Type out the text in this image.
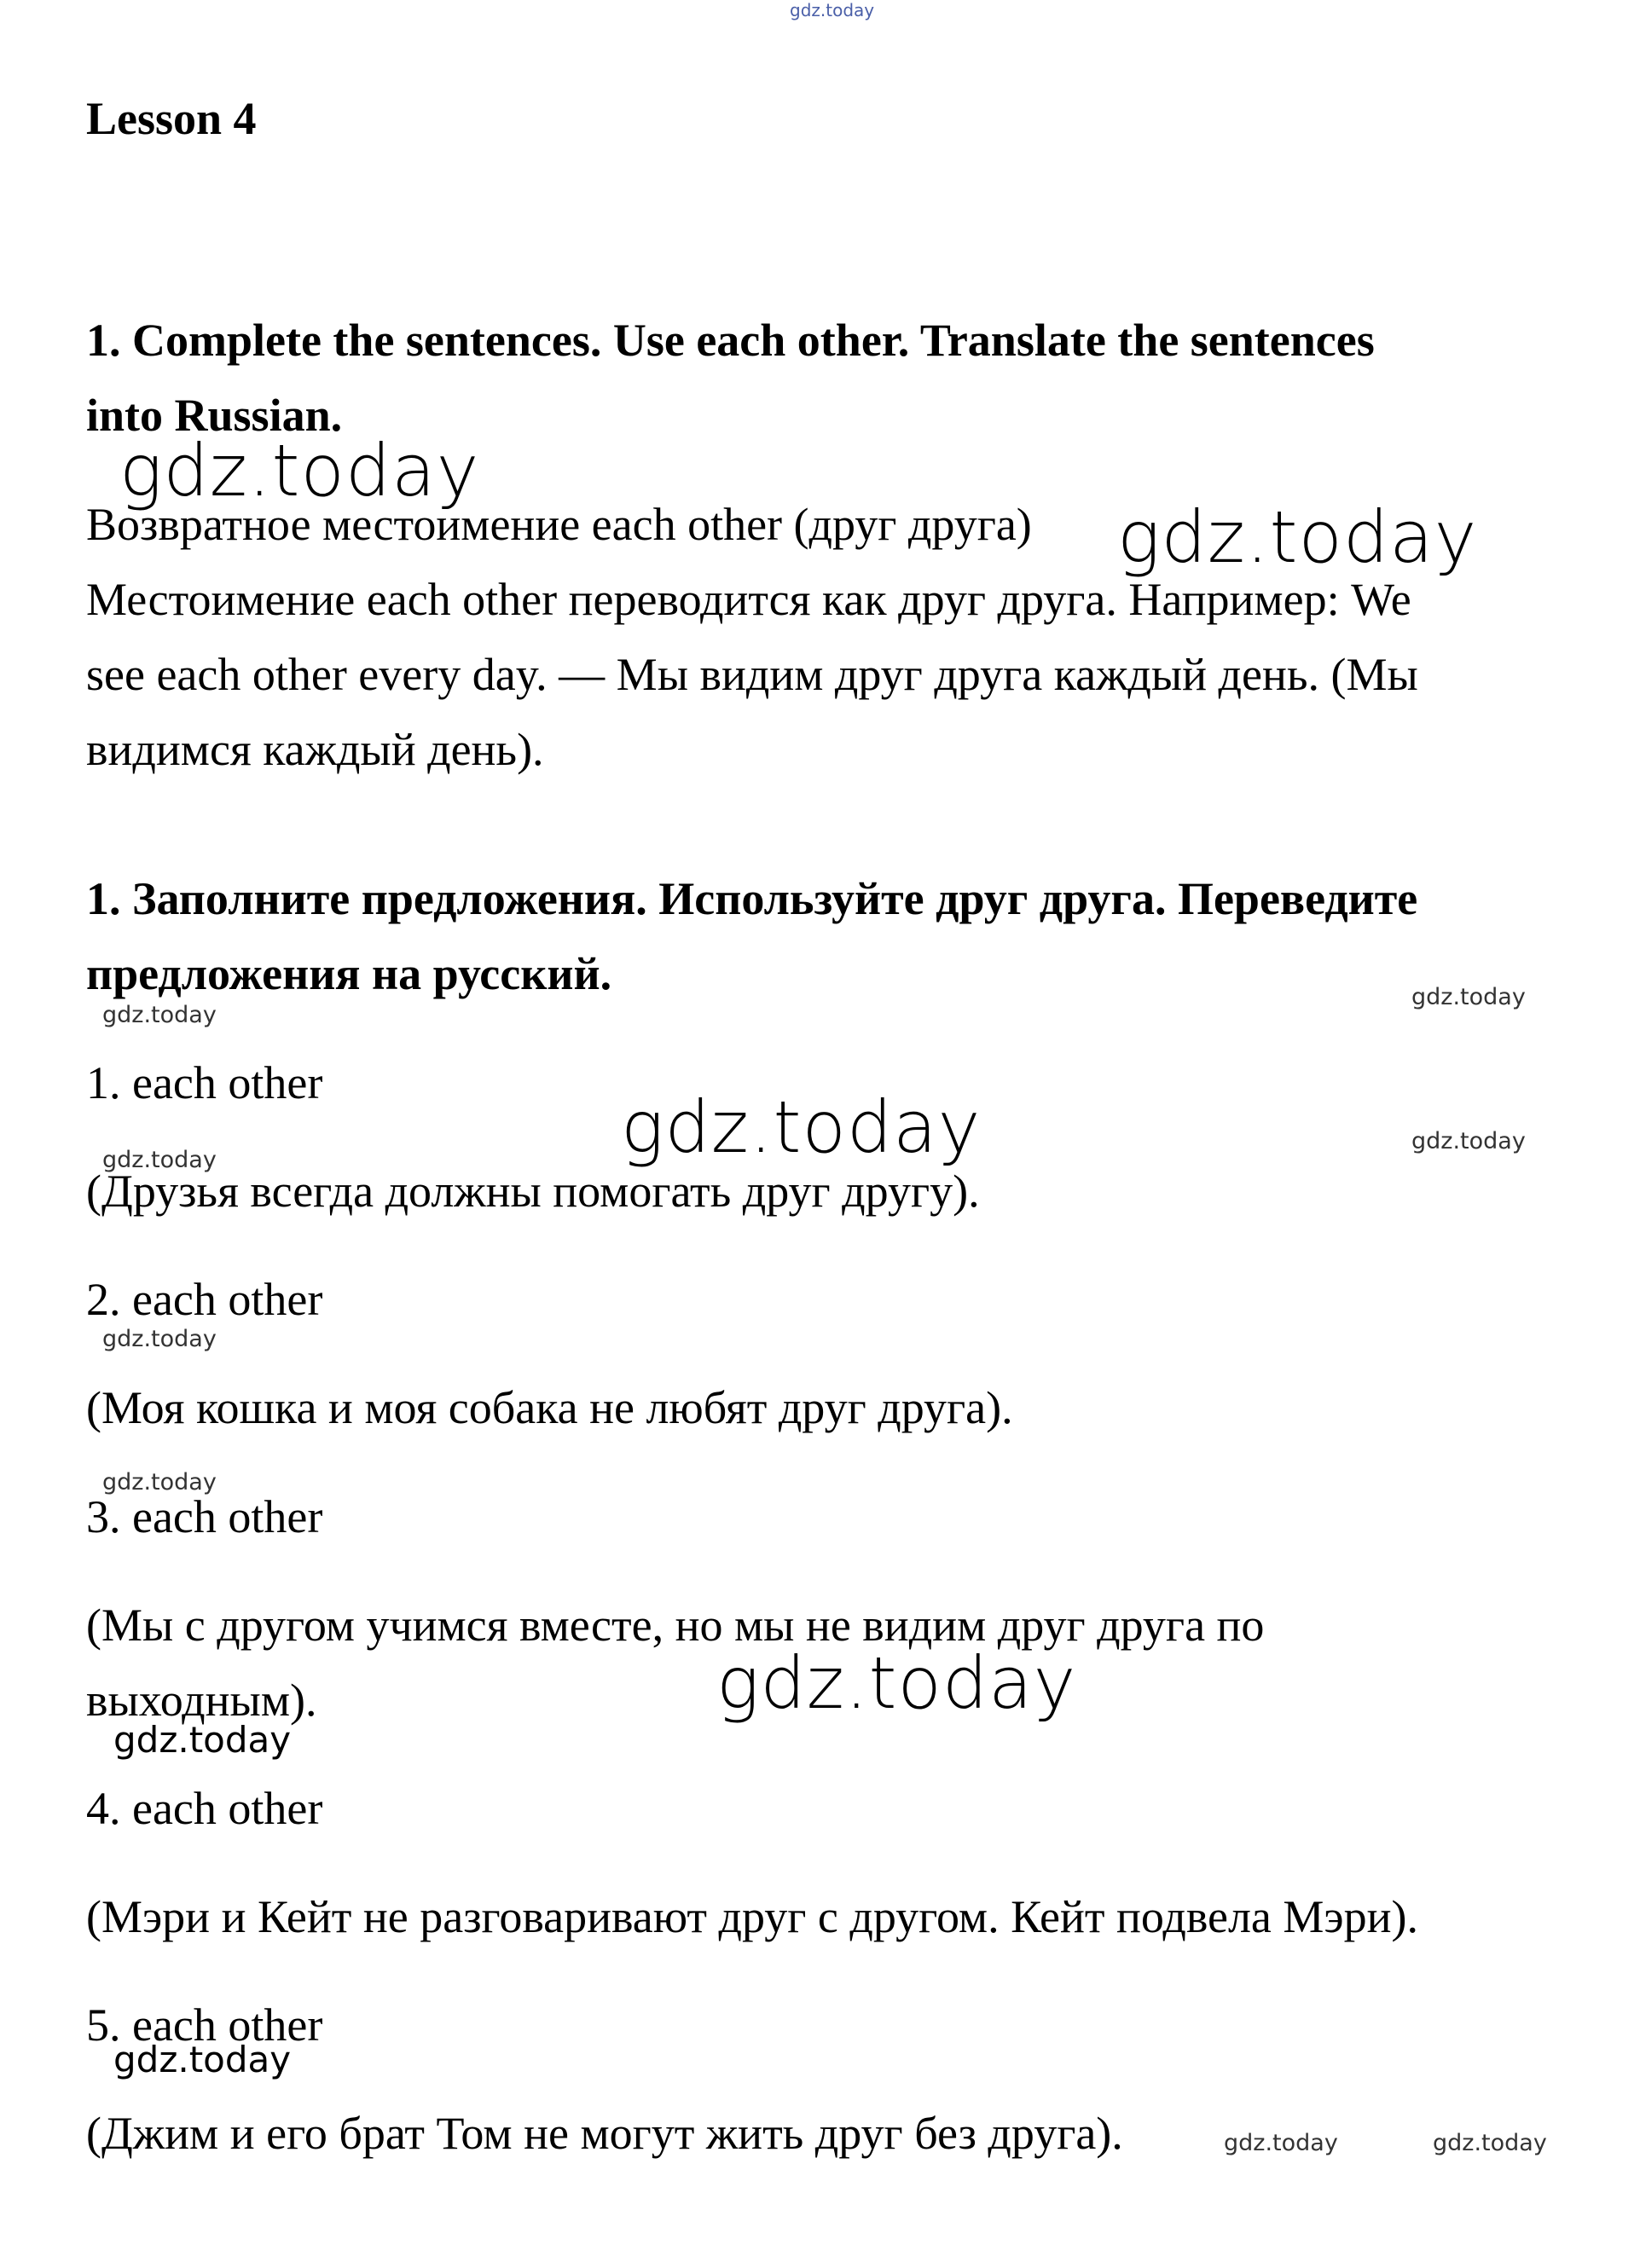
gdz.today
gdz.today
gdz.today
gdz.today
gdz.today
gdz.today	gdz.today
gdz.today
gdz.today
gdz.today
gdz.today
gdz.today
gdz.today
gdz.today	gdz.today
Lesson 4
1. Complete the sentences. Use each other. Translate the sentences
into Russian.
Возвратное местоимение each other (друг друга)
Местоимение each other переводится как друг друга. Например: We
see each other every day. — Мы видим друг друга каждый день. (Мы
видимся каждый день).
1. Заполните предложения. Используйте друг друга. Переведите
предложения на русский.
1. each other
(Друзья всегда должны помогать друг другу).
2. each other
(Моя кошка и моя собака не любят друг друга).
3. each other
(Мы с другом учимся вместе, но мы не видим друг друга по
выходным).
4. each other
(Мэри и Кейт не разговаривают друг с другом. Кейт подвела Мэри).
5. each other
(Джим и его брат Том не могут жить друг без друга).
